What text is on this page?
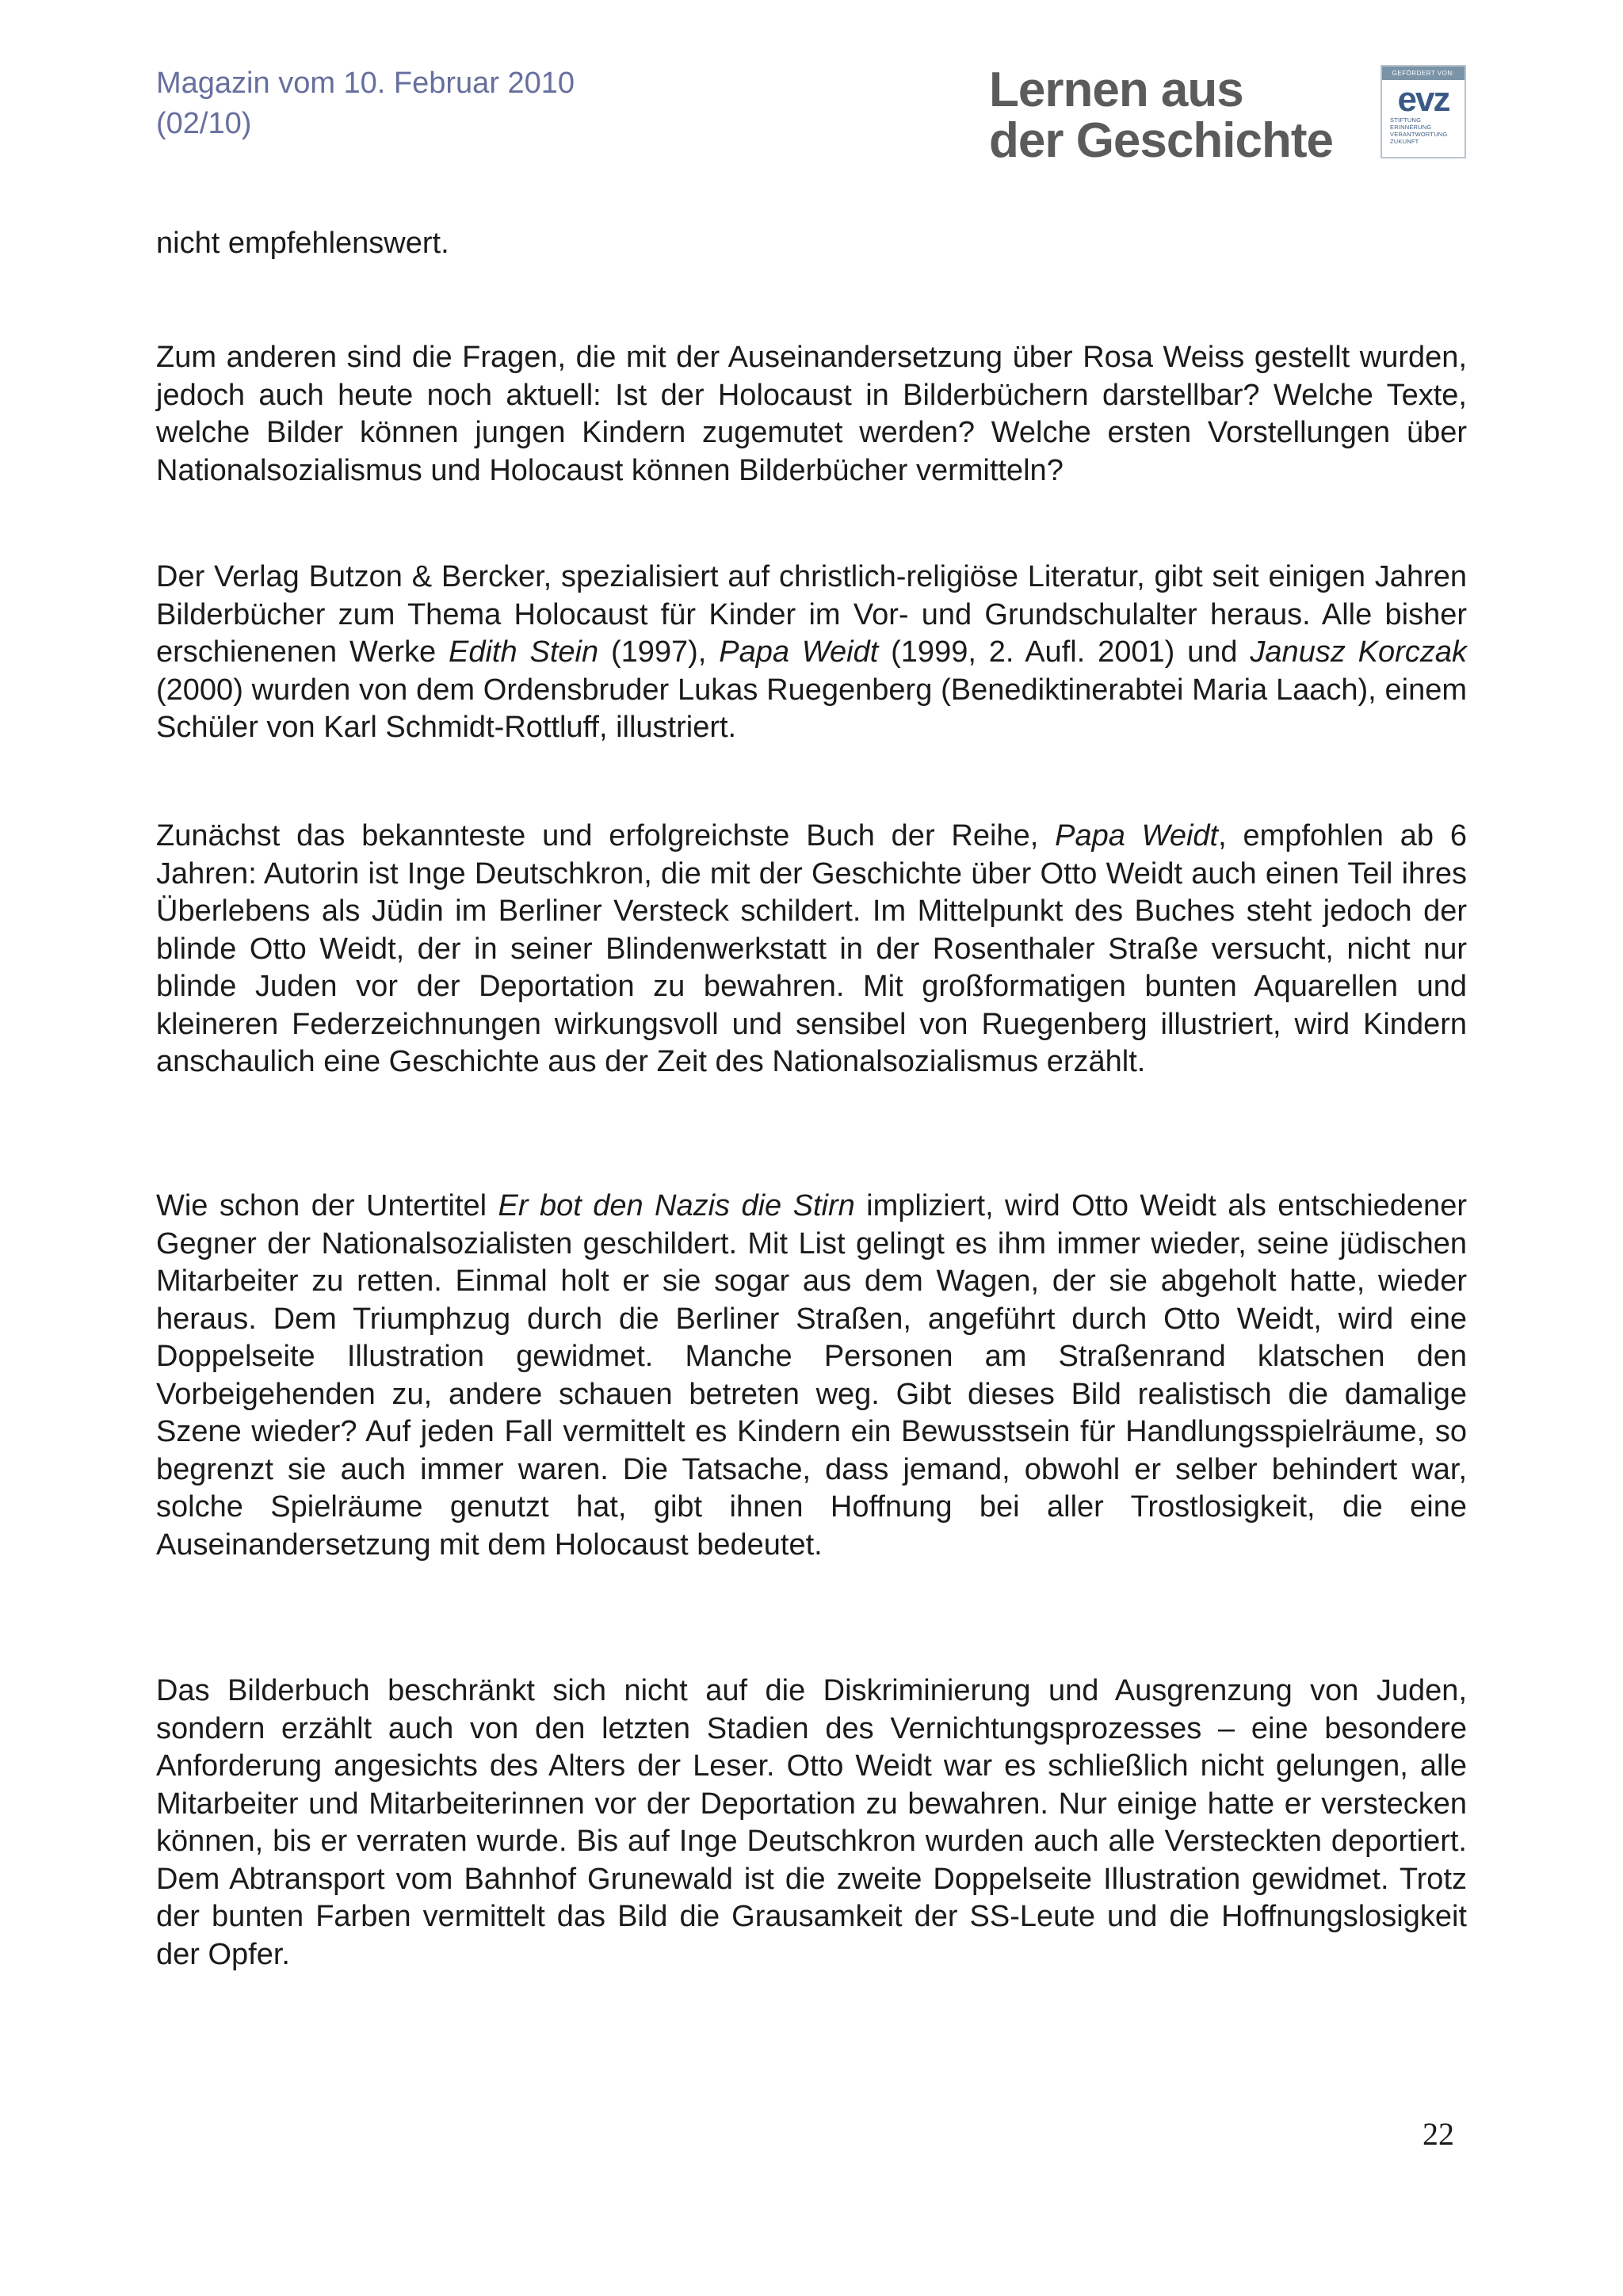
Magazin vom 10. Februar 2010
(02/10)
Lernen aus
der Geschichte
GEFÖRDERT VON:
evz
STIFTUNG
ERINNERUNG
VERANTWORTUNG
ZUKUNFT

nicht empfehlenswert.

Zum anderen sind die Fragen, die mit der Auseinandersetzung über Rosa Weiss gestellt wurden, jedoch auch heute noch aktuell: Ist der Holocaust in Bilderbüchern darstellbar? Welche Texte, welche Bilder können jungen Kindern zugemutet werden? Welche ersten Vorstellungen über Nationalsozialismus und Holocaust können Bilderbücher vermitteln?

Der Verlag Butzon & Bercker, spezialisiert auf christlich-religiöse Literatur, gibt seit einigen Jahren Bilderbücher zum Thema Holocaust für Kinder im Vor- und Grundschulalter heraus. Alle bisher erschienenen Werke Edith Stein (1997), Papa Weidt (1999, 2. Aufl. 2001) und Janusz Korczak (2000) wurden von dem Ordensbruder Lukas Ruegenberg (Benediktinerabtei Maria Laach), einem Schüler von Karl Schmidt-Rottluff, illustriert.

Zunächst das bekannteste und erfolgreichste Buch der Reihe, Papa Weidt, empfohlen ab 6 Jahren: Autorin ist Inge Deutschkron, die mit der Geschichte über Otto Weidt auch einen Teil ihres Überlebens als Jüdin im Berliner Versteck schildert. Im Mittelpunkt des Buches steht jedoch der blinde Otto Weidt, der in seiner Blindenwerkstatt in der Rosenthaler Straße versucht, nicht nur blinde Juden vor der Deportation zu bewahren. Mit großformatigen bunten Aquarellen und kleineren Federzeichnungen wirkungsvoll und sensibel von Ruegenberg illustriert, wird Kindern anschaulich eine Geschichte aus der Zeit des Nationalsozialismus erzählt.

Wie schon der Untertitel Er bot den Nazis die Stirn impliziert, wird Otto Weidt als entschiedener Gegner der Nationalsozialisten geschildert. Mit List gelingt es ihm immer wieder, seine jüdischen Mitarbeiter zu retten. Einmal holt er sie sogar aus dem Wagen, der sie abgeholt hatte, wieder heraus. Dem Triumphzug durch die Berliner Straßen, angeführt durch Otto Weidt, wird eine Doppelseite Illustration gewidmet. Manche Personen am Straßenrand klatschen den Vorbeigehenden zu, andere schauen betreten weg. Gibt dieses Bild realistisch die damalige Szene wieder? Auf jeden Fall vermittelt es Kindern ein Bewusstsein für Handlungsspielräume, so begrenzt sie auch immer waren. Die Tatsache, dass jemand, obwohl er selber behindert war, solche Spielräume genutzt hat, gibt ihnen Hoffnung bei aller Trostlosigkeit, die eine Auseinandersetzung mit dem Holocaust bedeutet.

Das Bilderbuch beschränkt sich nicht auf die Diskriminierung und Ausgrenzung von Juden, sondern erzählt auch von den letzten Stadien des Vernichtungsprozesses – eine besondere Anforderung angesichts des Alters der Leser. Otto Weidt war es schließlich nicht gelungen, alle Mitarbeiter und Mitarbeiterinnen vor der Deportation zu bewahren. Nur einige hatte er verstecken können, bis er verraten wurde. Bis auf Inge Deutschkron wurden auch alle Versteckten deportiert. Dem Abtransport vom Bahnhof Grunewald ist die zweite Doppelseite Illustration gewidmet. Trotz der bunten Farben vermittelt das Bild die Grausamkeit der SS-Leute und die Hoffnungslosigkeit der Opfer.

22
